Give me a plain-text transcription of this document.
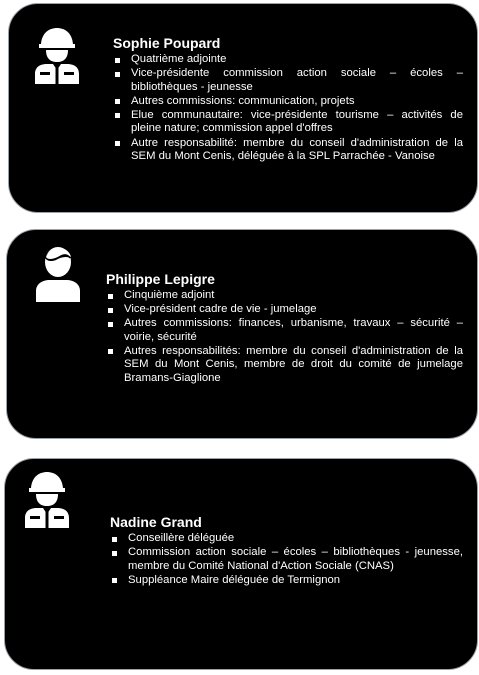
Sophie Poupard
Quatrième adjointe
Vice-présidente commission action sociale – écoles – bibliothèques - jeunesse
Autres commissions: communication, projets
Elue communautaire: vice-présidente tourisme – activités de pleine nature; commission appel d'offres
Autre responsabilité: membre du conseil d'administration de la SEM du Mont Cenis, déléguée à la SPL Parrachée - Vanoise
Philippe Lepigre
Cinquième adjoint
Vice-président cadre de vie - jumelage
Autres commissions: finances, urbanisme, travaux – sécurité – voirie, sécurité
Autres responsabilités: membre du conseil d'administration de la SEM du Mont Cenis, membre de droit du comité de jumelage Bramans-Giaglione
Nadine Grand
Conseillère déléguée
Commission action sociale – écoles – bibliothèques - jeunesse, membre du Comité National d'Action Sociale (CNAS)
Suppléance Maire déléguée de Termignon
